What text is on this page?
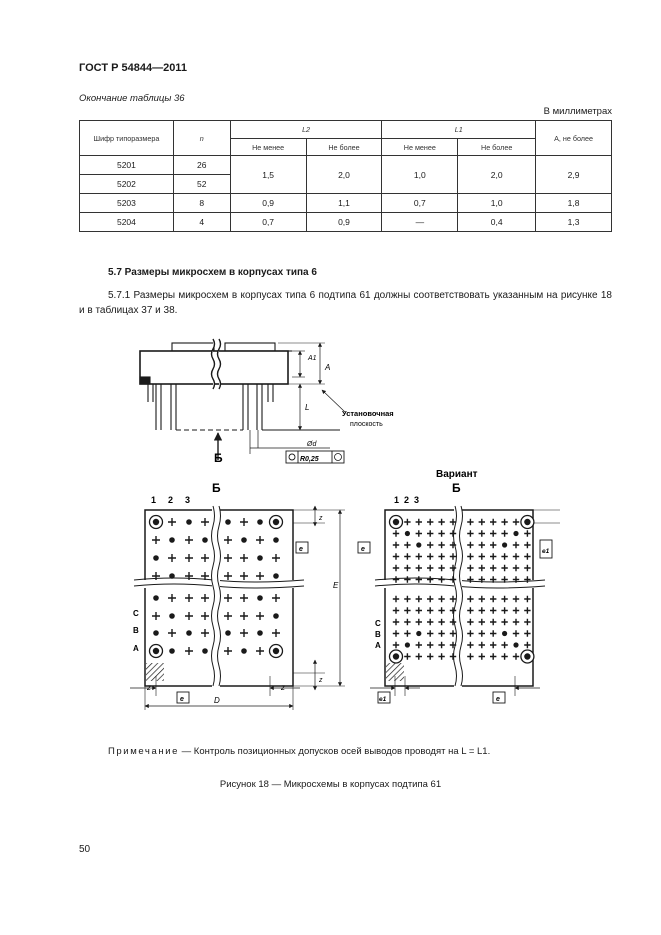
ГОСТ Р 54844—2011
Окончание таблицы 36
В миллиметрах
Шифр типоразмера	n	L2		L1		A, не более
		Не менее	Не более	Не менее	Не более	
5201	26	1,5	2,0	1,0	2,0	2,9
5202	52					
5203	8	0,9	1,1	0,7	1,0	1,8
5204	4	0,7	0,9	—	0,4	1,3
5.7 Размеры микросхем в корпусах типа 6
5.7.1 Размеры микросхем в корпусах типа 6 подтипа 61 должны соответствовать указанным на рисунке 18 и в таблицах 37 и 38.
A1
A
L
Установочная
плоскость
Ød
R0,25
Б
Б
1 2 3
z
e
E
z
z	z
e	D
C
B
A
Вариант
Б
1 2 3
e1
e
e1	e
C
B
A
Примечание — Контроль позиционных допусков осей выводов проводят на L = L1.
Рисунок 18 — Микросхемы в корпусах подтипа 61
50
